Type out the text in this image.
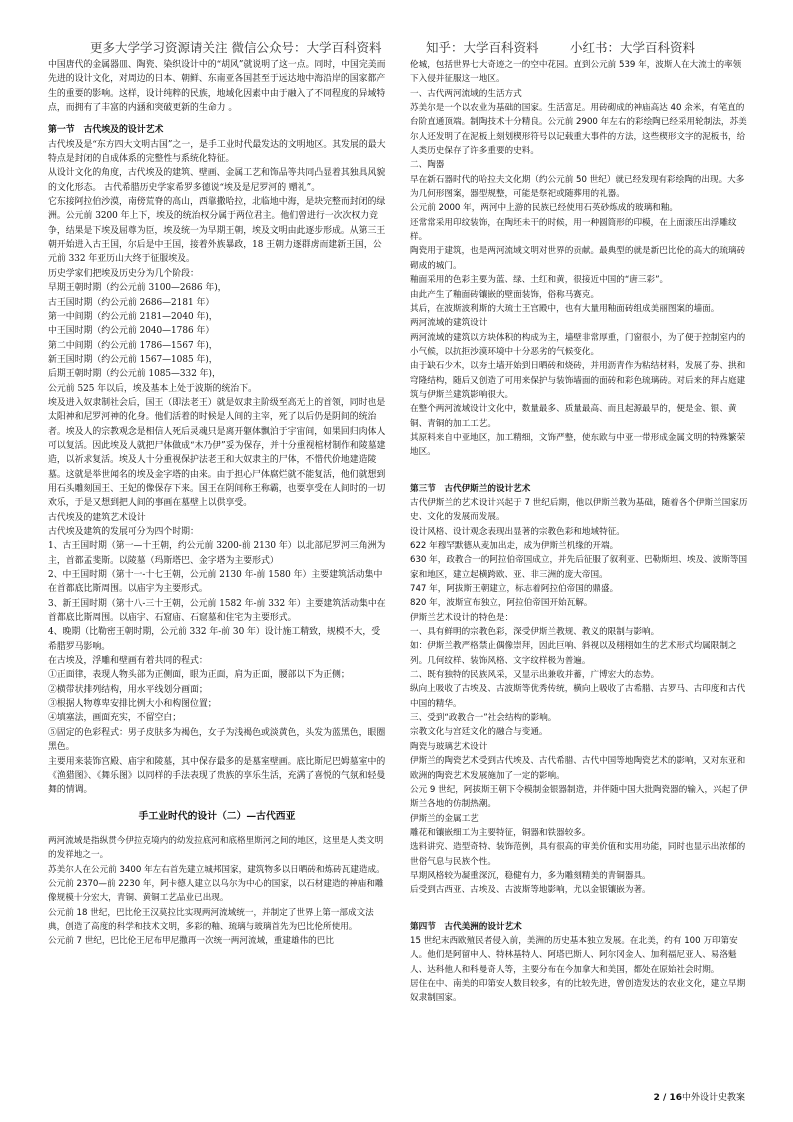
更多大学学习资源请关注 微信公众号：大学百科资料	知乎：大学百科资料	小红书：大学百科资料

中国唐代的金属器皿、陶瓷、染织设计中的“胡风”就说明了这一点。同时，中国完美而先进的设计文化，对周边的日本、朝鲜、东南亚各国甚至于远达地中海沿岸的国家都产生的重要的影响。这样，设计纯粹的民族，地域化因素中由于融入了不同程度的异域特点，而拥有了丰富的内涵和突破更新的生命力 。

第一节　古代埃及的设计艺术

古代埃及是“东方四大文明古国”之一，是手工业时代最发达的文明地区。其发展的最大特点是封闭的自成体系的完整性与系统化特征。

从设计文化的角度，古代埃及的建筑、壁画、金属工艺和饰品等共同凸显着其独具风貌的文化形态。 古代希腊历史学家希罗多德说“埃及是尼罗河的 赠礼”。

它东接阿拉伯沙漠，南傍荒脊的高山，西靠撒哈拉，北临地中海，是块完整而封闭的绿洲。公元前 3200 年上下，埃及的统治权分属于两位君主。他们曾进行一次次权力竞争，结果是下埃及屈尊为臣，埃及统一为早期王朝，埃及文明由此逐步形成。从第三王朝开始进入古王国，尔后是中王国，接着外族暴政，18 王朝力逐群虏而建新王国，公元前 332 年亚历山大终于征服埃及。

历史学家们把埃及历史分为几个阶段：

早期王朝时期（约公元前 3100—2686 年)，

古王国时期（约公元前 2686—2181 年）

第一中间期（约公元前 2181—2040 年)，

中王国时期（约公元前 2040—1786 年）

第二中间期（约公元前 1786—1567 年)，

新王国时期（约公元前 1567—1085 年)，

后期王朝时期（约公元前 1085—332 年)，

公元前 525 年以后，埃及基本上处于波斯的统治下。

埃及进入奴隶制社会后，国王（即法老王）就是奴隶主阶级至高无上的首领，同时也是太阳神和尼罗河神的化身。他们活着的时候是人间的主宰，死了以后仍是阴间的统治者。埃及人的宗教观念是相信人死后灵魂只是离开躯体飘泊于宇宙间，如果回归肉体人可以复活。因此埃及人就把尸体做成“木乃伊”妥为保存，并十分重视棺材制作和陵墓建造，以祈求复活。埃及人十分重视保护法老王和大奴隶主的尸体，不惜代价地建造陵墓。这就是举世闻名的埃及金字塔的由来。由于担心尸体腐烂就不能复活，他们就想到用石头雕刻国王、王妃的像保存下来。国王在阴间称王称霸，也要享受在人间时的一切欢乐，于是又想到把人间的事画在墓壁上以供享受。

古代埃及的建筑艺术设计

古代埃及建筑的发展可分为四个时期：

1、古王国时期（第一—十王朝，约公元前 3200-前 2130 年）以北部尼罗河三角洲为主，首都孟斐斯。以陵墓（玛斯塔巴、金字塔为主要形式）

2、中王国时期（第十一-十七王朝，公元前 2130 年-前 1580 年）主要建筑活动集中在首都底比斯周围。以庙宇为主要形式。

3、新王国时期（第十八-三十王朝，公元前 1582 年-前 332 年）主要建筑活动集中在首都底比斯周围。以庙宇、石窟庙、石窟墓和住宅为主要形式。

4、晚期（比勒密王朝时期，公元前 332 年-前 30 年）设计施工精致，规模不大，受希腊罗马影响。

在古埃及，浮雕和壁画有着共同的程式：

①正面律，表现人物头部为正侧面，眼为正面，肩为正面，腰部以下为正侧；

②横带状排列结构，用水平线划分画面；

③根据人物尊卑安排比例大小和构图位置；

④填塞法，画面充实，不留空白；

⑤固定的色彩程式：男子皮肤多为褐色，女子为浅褐色或淡黄色，头发为蓝黑色，眼圈黑色。

主要用来装饰宫殿、庙宇和陵墓，其中保存最多的是墓室壁画。底比斯尼巴姆墓室中的《渔猎图》、《舞乐图》以同样的手法表现了贵族的享乐生活，充满了喜悦的气氛和轻曼舞的情调。

手工业时代的设计（二）—古代西亚

两河流域是指纵贯今伊拉克境内的幼发拉底河和底格里斯河之间的地区，这里是人类文明的发祥地之一。

苏美尔人在公元前 3400 年左右首先建立城邦国家，建筑物多以日晒砖和炼砖瓦建造成。公元前 2370—前 2230 年，阿卡德人建立以乌尔为中心的国家，以石材建造的神庙和雕像规模十分宏大，青铜、黄铜工艺品业已出现。

公元前 18 世纪，巴比伦王汉莫拉比实现两河流域统一，并制定了世界上第一部成文法典，创造了高度的科学和技术文明，多彩的釉、琉璃与玻璃首先为巴比伦所使用。

公元前 7 世纪，巴比伦王尼布甲尼撒再一次统一两河流域，重建雄伟的巴比

伦城，包括世界七大奇迹之一的空中花园。直到公元前 539 年，波斯人在大流士的率领下入侵并征服这一地区。

一、古代两河流域的生活方式

苏美尔是一个以农业为基础的国家。生活富足。用砖砌成的神庙高达 40 余米，有笔直的台阶直通顶端。制陶技术十分精良。公元前 2900 年左右的彩绘陶已经采用轮制法，苏美尔人还发明了在泥板上刻划楔形符号以记载重大事件的方法，这些楔形文字的泥板书，给人类历史保存了许多重要的史料。

二、陶器

早在新石器时代的哈拉夫文化期（约公元前 50 世纪）就已经发现有彩绘陶的出现。大多为几何形图案，器型规整，可能是祭祀或随葬用的礼器。

公元前 2000 年，两河中上游的民族已经使用石英砂炼成的玻璃和釉。

还常常采用印纹装饰，在陶坯未干的时候，用一种圆筒形的印模，在上面滚压出浮雕纹样。

陶瓷用于建筑，也是两河流域文明对世界的贡献。最典型的就是新巴比伦的高大的琉璃砖砌成的城门。

釉面采用的色彩主要为蓝、绿、土红和黄，很接近中国的“唐三彩”。

由此产生了釉面砖镶嵌的壁面装饰，俗称马赛克。

其后，在波斯波利斯的大琉士王宫殿中，也有大量用釉面砖组成美丽图案的墙面。

两河流域的建筑设计

两河流域的建筑以方块体积的构成为主，墙壁非常厚重，门窗很小，为了便于控制室内的小气候，以抗拒沙漠环境中十分恶劣的气候变化。

由于缺石少木，以夯土墙开始到日晒砖和烧砖，并用沥青作为粘结材料，发展了券、拱和穹隆结构，随后又创造了可用来保护与装饰墙面的面砖和彩色琉璃砖。对后来的拜占庭建筑与伊斯兰建筑影响很大。

在整个两河流域设计文化中，数量最多、质量最高、而且起源最早的，便是金、银、黄铜、青铜的加工工艺。

其原料来自中亚地区，加工精细，文饰严整，使东欧与中亚一带形成金属文明的特殊繁荣地区。

第三节　古代伊斯兰的设计艺术

古代伊斯兰的艺术设计兴起于 7 世纪后期，他以伊斯兰教为基础，随着各个伊斯兰国家历史、文化的发展而发展。

设计风格、设计观念表现出显著的宗教色彩和地域特征。

622 年穆罕默德从麦加出走，成为伊斯兰机缘的开端。

630 年，政教合一的阿拉伯帝国成立，并先后征服了叙利亚、巴勒斯坦、埃及、波斯等国家和地区，建立起横跨欧、亚、非三洲的庞大帝国。

747 年，阿拔斯王朝建立，标志着阿拉伯帝国的鼎盛。

820 年，波斯宣布独立，阿拉伯帝国开始瓦解。

伊斯兰艺术设计的特色是：

一、具有鲜明的宗教色彩，深受伊斯兰教规、教义的限制与影响。

如：伊斯兰教严格禁止偶像崇拜，因此巨响、斜视以及栩栩如生的艺术形式均属限制之列。几何纹样、装饰风格、文字纹样极为普遍。

二、既有独特的民族风采，又显示出兼收并蓄，广博宏大的态势。

纵向上吸收了古埃及、古波斯等优秀传统，横向上吸收了古希腊、古罗马、古印度和古代中国的精华。

三、受到“政教合一”社会结构的影响。

宗教文化与宫廷文化的融合与变通。

陶瓷与玻璃艺术设计

伊斯兰的陶瓷艺术受到古代埃及、古代希腊、古代中国等地陶瓷艺术的影响，又对东亚和欧洲的陶瓷艺术发展施加了一定的影响。

公元 9 世纪，阿拔斯王朝下令模制金银器制造，并伴随中国大批陶瓷器的输入，兴起了伊斯兰各地的仿制热潮。

伊斯兰的金属工艺

雕花和镶嵌细工为主要特征，铜器和铁器较多。

选料讲究、造型奇特、装饰范例，具有很高的审美价值和实用功能，同时也显示出浓郁的世俗气息与民族个性。

早期风格较为凝重深沉，稳健有力，多为雕刻精美的青铜器具。

后受到古西亚、古埃及、古波斯等地影响，尤以金银镶嵌为著。

第四节　古代美洲的设计艺术

15 世纪末西欧殖民者侵入前，美洲的历史基本独立发展。在北美，约有 100 万印第安人。他们是阿留申人、特林基特人、阿塔巴斯人、阿尔冈金人、加利福尼亚人、易洛魁人、达科他人和科曼奇人等，主要分布在今加拿大和美国，都处在原始社会时期。

居住在中、南美的印第安人数目较多，有的比较先进，曾创造发达的农业文化，建立早期奴隶制国家。

2 / 16中外设计史教案
